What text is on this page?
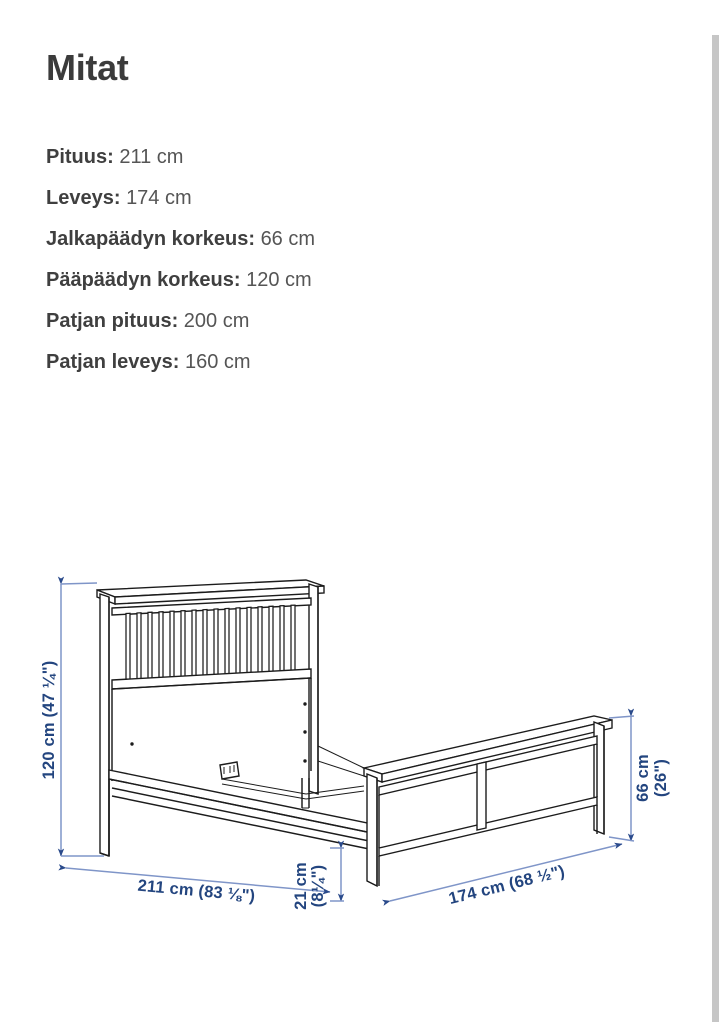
Mitat
Pituus: 211 cm
Leveys: 174 cm
Jalkapäädyn korkeus: 66 cm
Pääpäädyn korkeus: 120 cm
Patjan pituus: 200 cm
Patjan leveys: 160 cm
120 cm (47 ¼")
211 cm (83 ⅛") 21 cm (8¼")	174 cm (68 ½")
66 cm (26")
